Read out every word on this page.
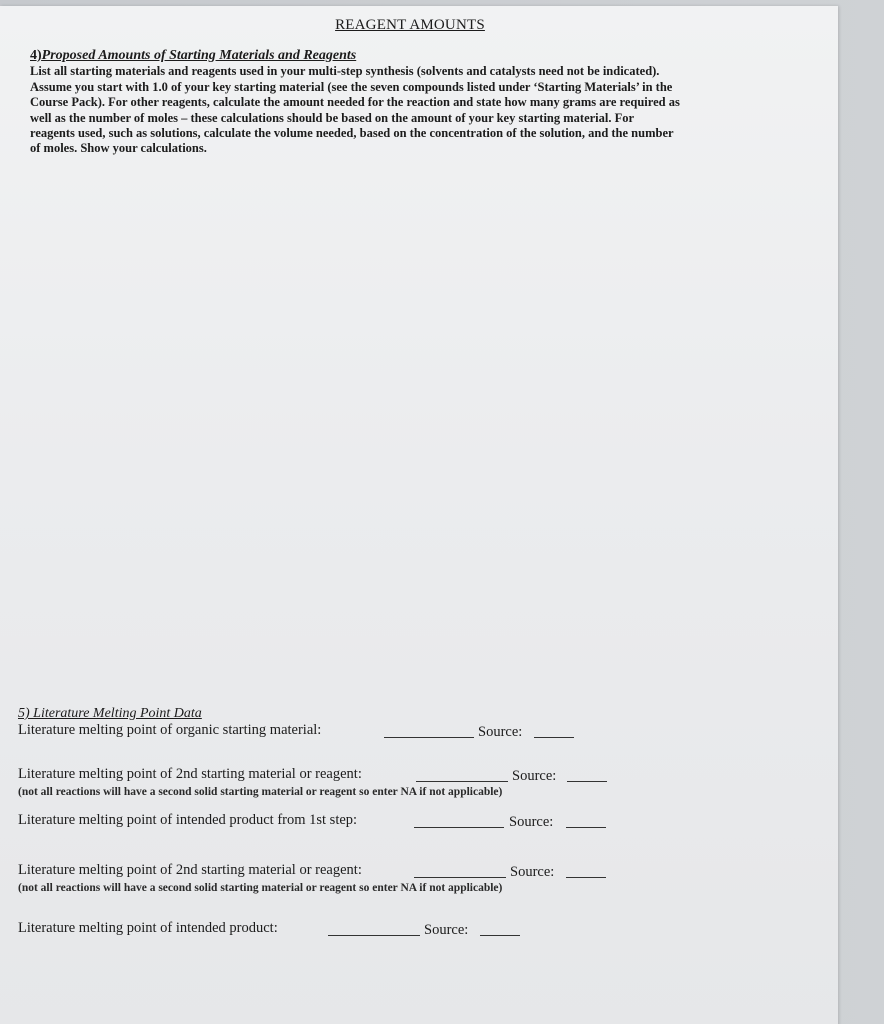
REAGENT AMOUNTS
4)Proposed Amounts of Starting Materials and Reagents

List all starting materials and reagents used in your multi-step synthesis (solvents and catalysts need not be indicated).

Assume you start with 1.0 of your key starting material (see the seven compounds listed under ‘Starting Materials’ in the

Course Pack). For other reagents, calculate the amount needed for the reaction and state how many grams are required as

well as the number of moles – these calculations should be based on the amount of your key starting material. For

reagents used, such as solutions, calculate the volume needed, based on the concentration of the solution, and the number

of moles. Show your calculations.

5) Literature Melting Point Data
Literature melting point of organic starting material:	Source:
Literature melting point of 2nd starting material or reagent:	Source:
(not all reactions will have a second solid starting material or reagent so enter NA if not applicable)
Literature melting point of intended product from 1st step:	Source:
Literature melting point of 2nd starting material or reagent:	Source:
(not all reactions will have a second solid starting material or reagent so enter NA if not applicable)
Literature melting point of intended product:	Source:
